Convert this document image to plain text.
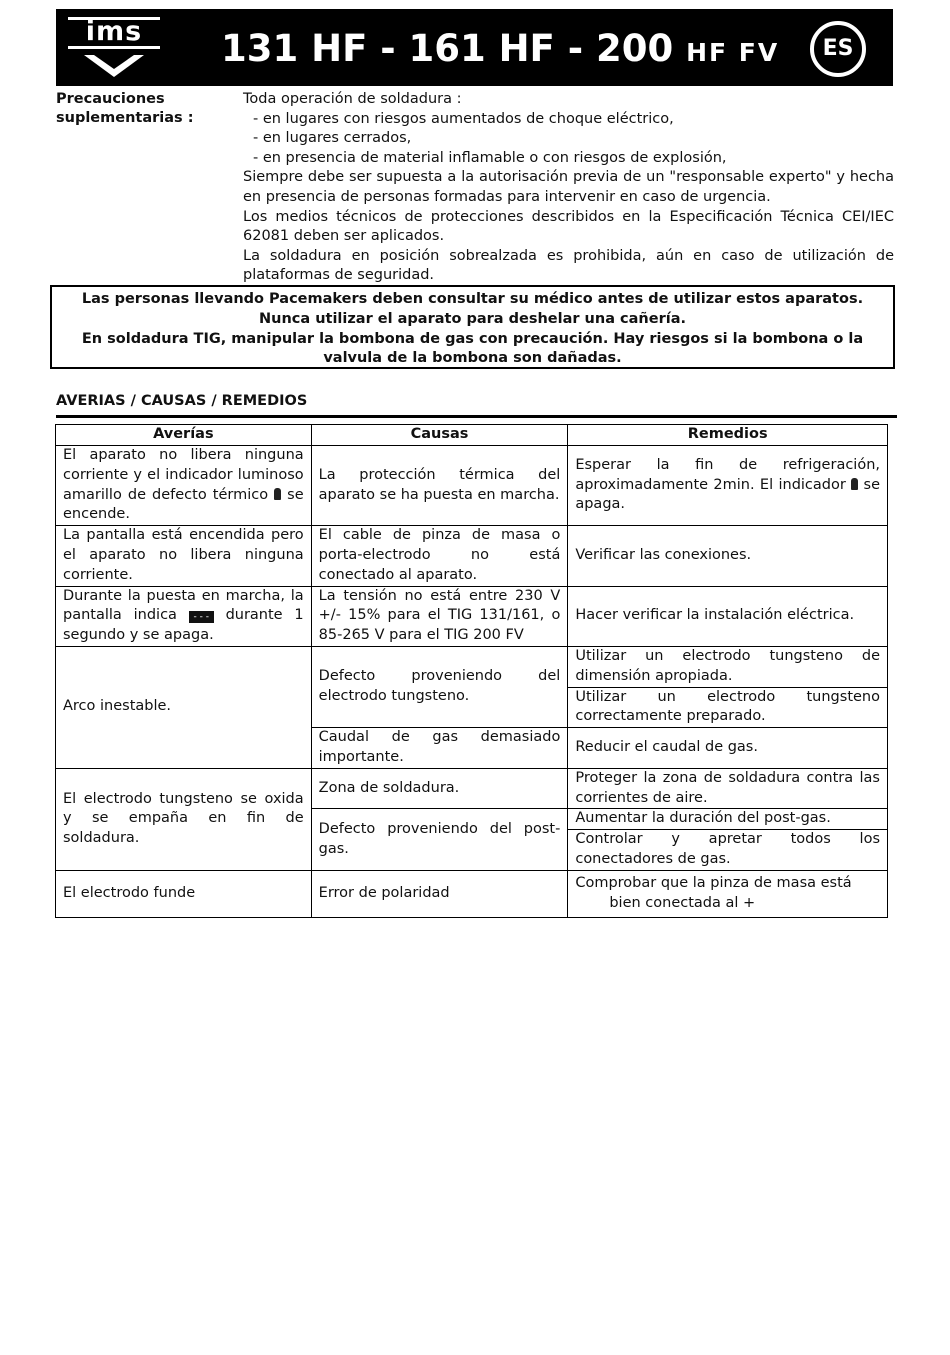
ims	131 HF - 161 HF - 200 HF FV	ES
Precauciones
suplementarias :

Toda operación de soldadura :

- en lugares con riesgos aumentados de choque eléctrico,

- en lugares cerrados,

- en presencia de material inflamable o con riesgos de explosión,

Siempre debe ser supuesta a la autorisación previa de un "responsable experto" y hecha en presencia de personas formadas para intervenir en caso de urgencia.

Los medios técnicos de protecciones describidos en la Especificación Técnica CEI/IEC 62081 deben ser aplicados.

La soldadura en posición sobrealzada es prohibida, aún en caso de utilización de plataformas de seguridad.

Las personas llevando Pacemakers deben consultar su médico antes de utilizar estos aparatos.

Nunca utilizar el aparato para deshelar una cañería.

En soldadura TIG, manipular la bombona de gas con precaución. Hay riesgos si la bombona o la valvula de la bombona son dañadas.

AVERIAS / CAUSAS / REMEDIOS
Averías	Causas	Remedios
El aparato no libera ninguna corriente y el indicador luminoso amarillo de defecto térmico  se encende.	La protección térmica del aparato se ha puesta en marcha.	Esperar la fin de refrigeración, aproximadamente 2min. El indicador  se apaga.
La pantalla está encendida pero el aparato no libera ninguna corriente.	El cable de pinza de masa o porta-electrodo no está conectado al aparato.	Verificar las conexiones.
Durante la puesta en marcha, la pantalla indica - - - durante 1 segundo y se apaga.	La tensión no está entre 230 V +/- 15% para el TIG 131/161, o 85-265 V para el TIG 200 FV	Hacer verificar la instalación eléctrica.
Arco inestable.	Defecto proveniendo del electrodo tungsteno.	Utilizar un electrodo tungsteno de dimensión apropiada.
		Utilizar un electrodo tungsteno correctamente preparado.
	Caudal de gas demasiado importante.	Reducir el caudal de gas.
El electrodo tungsteno se oxida y se empaña en fin de soldadura.	Zona de soldadura.	Proteger la zona de soldadura contra las corrientes de aire.
	Defecto proveniendo del post-gas.	Aumentar la duración del post-gas.
		Controlar y apretar todos los conectadores de gas.
El electrodo funde	Error de polaridad	Comprobar que la pinza de masa está
bien conectada al +
